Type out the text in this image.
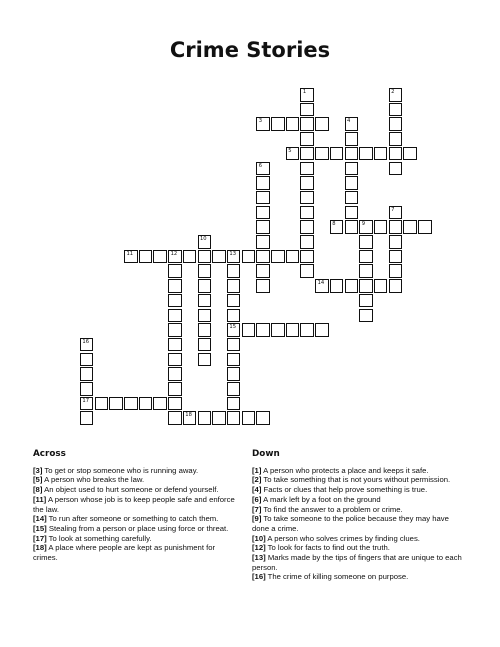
Crime Stories
1	2
3	4
5
6
7
8	9
10
11	12	13
15
14
16
17
18
Across

[3] To get or stop someone who is running away.

[5] A person who breaks the law.

[8] An object used to hurt someone or defend yourself.

[11] A person whose job is to keep people safe and enforce the law.

[14] To run after someone or something to catch them.

[15] Stealing from a person or place using force or threat.

[17] To look at something carefully.

[18] A place where people are kept as punishment for crimes.

Down

[1] A person who protects a place and keeps it safe.

[2] To take something that is not yours without permission.

[4] Facts or clues that help prove something is true.

[6] A mark left by a foot on the ground

[7] To find the answer to a problem or crime.

[9] To take someone to the police because they may have done a crime.

[10] A person who solves crimes by finding clues.

[12] To look for facts to find out the truth.

[13] Marks made by the tips of fingers that are unique to each person.

[16] The crime of killing someone on purpose.
